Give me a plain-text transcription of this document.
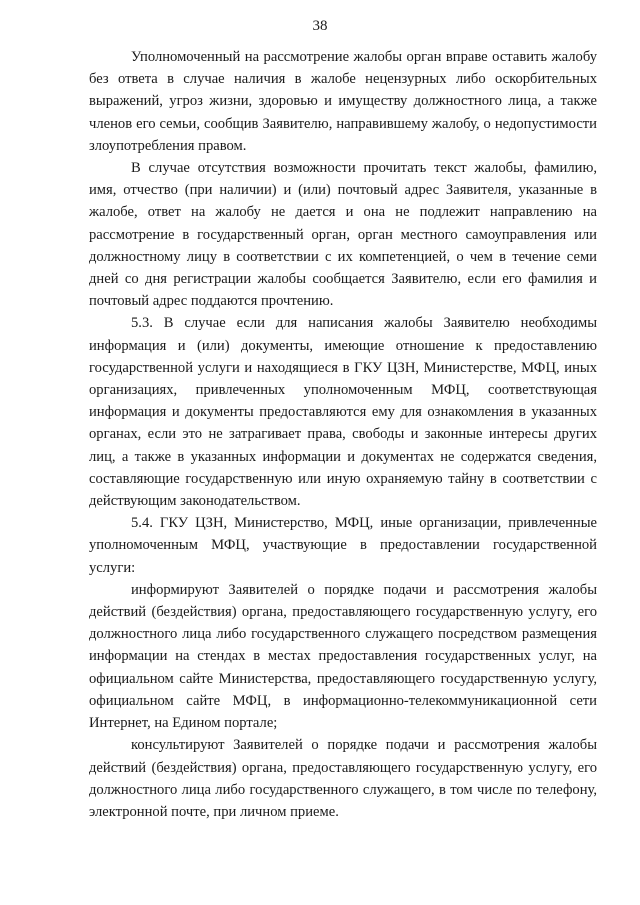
38

Уполномоченный на рассмотрение жалобы орган вправе оставить жалобу без ответа в случае наличия в жалобе нецензурных либо оскорбительных выражений, угроз жизни, здоровью и имуществу должностного лица, а также членов его семьи, сообщив Заявителю, направившему жалобу, о недопустимости злоупотребления правом.

В случае отсутствия возможности прочитать текст жалобы, фамилию, имя, отчество (при наличии) и (или) почтовый адрес Заявителя, указанные в жалобе, ответ на жалобу не дается и она не подлежит направлению на рассмотрение в государственный орган, орган местного самоуправления или должностному лицу в соответствии с их компетенцией, о чем в течение семи дней со дня регистрации жалобы сообщается Заявителю, если его фамилия и почтовый адрес поддаются прочтению.

5.3. В случае если для написания жалобы Заявителю необходимы информация и (или) документы, имеющие отношение к предоставлению государственной услуги и находящиеся в ГКУ ЦЗН, Министерстве, МФЦ, иных организациях, привлеченных уполномоченным МФЦ, соответствующая информация и документы предоставляются ему для ознакомления в указанных органах, если это не затрагивает права, свободы и законные интересы других лиц, а также в указанных информации и документах не содержатся сведения, составляющие государственную или иную охраняемую тайну в соответствии с действующим законодательством.

5.4. ГКУ ЦЗН, Министерство, МФЦ, иные организации, привлеченные уполномоченным МФЦ, участвующие в предоставлении государственной услуги:

информируют Заявителей о порядке подачи и рассмотрения жалобы действий (бездействия) органа, предоставляющего государственную услугу, его должностного лица либо государственного служащего посредством размещения информации на стендах в местах предоставления государственных услуг, на официальном сайте Министерства, предоставляющего государственную услугу, официальном сайте МФЦ, в информационно-телекоммуникационной сети Интернет, на Едином портале;

консультируют Заявителей о порядке подачи и рассмотрения жалобы действий (бездействия) органа, предоставляющего государственную услугу, его должностного лица либо государственного служащего, в том числе по телефону, электронной почте, при личном приеме.
